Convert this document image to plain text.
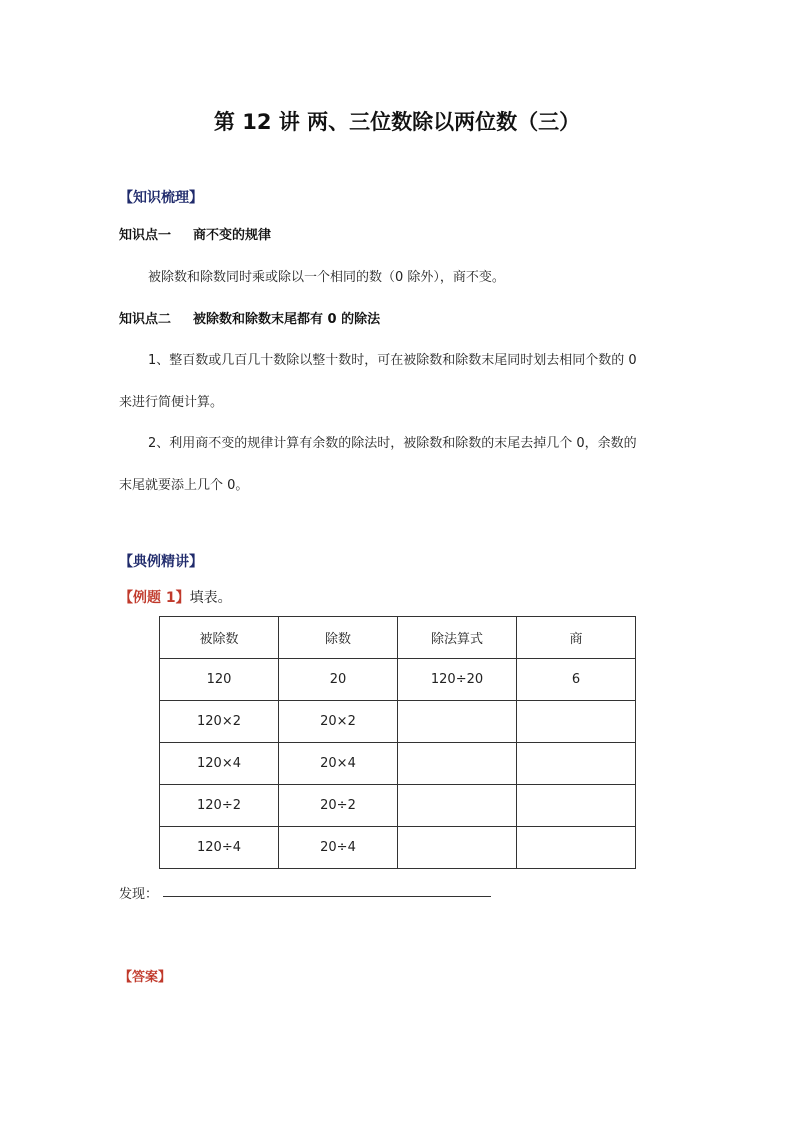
第 12 讲 两、三位数除以两位数（三）
【知识梳理】
知识点一 商不变的规律
被除数和除数同时乘或除以一个相同的数（0 除外），商不变。
知识点二 被除数和除数末尾都有 0 的除法
1、整百数或几百几十数除以整十数时，可在被除数和除数末尾同时划去相同个数的 0
来进行简便计算。
2、利用商不变的规律计算有余数的除法时，被除数和除数的末尾去掉几个 0，余数的
末尾就要添上几个 0。
【典例精讲】
【例题 1】填表。
被除数	除数	除法算式	商
120	20	120÷20	6
120×2	20×2		
120×4	20×4		
120÷2	20÷2		
120÷4	20÷4		
发现：
【答案】
